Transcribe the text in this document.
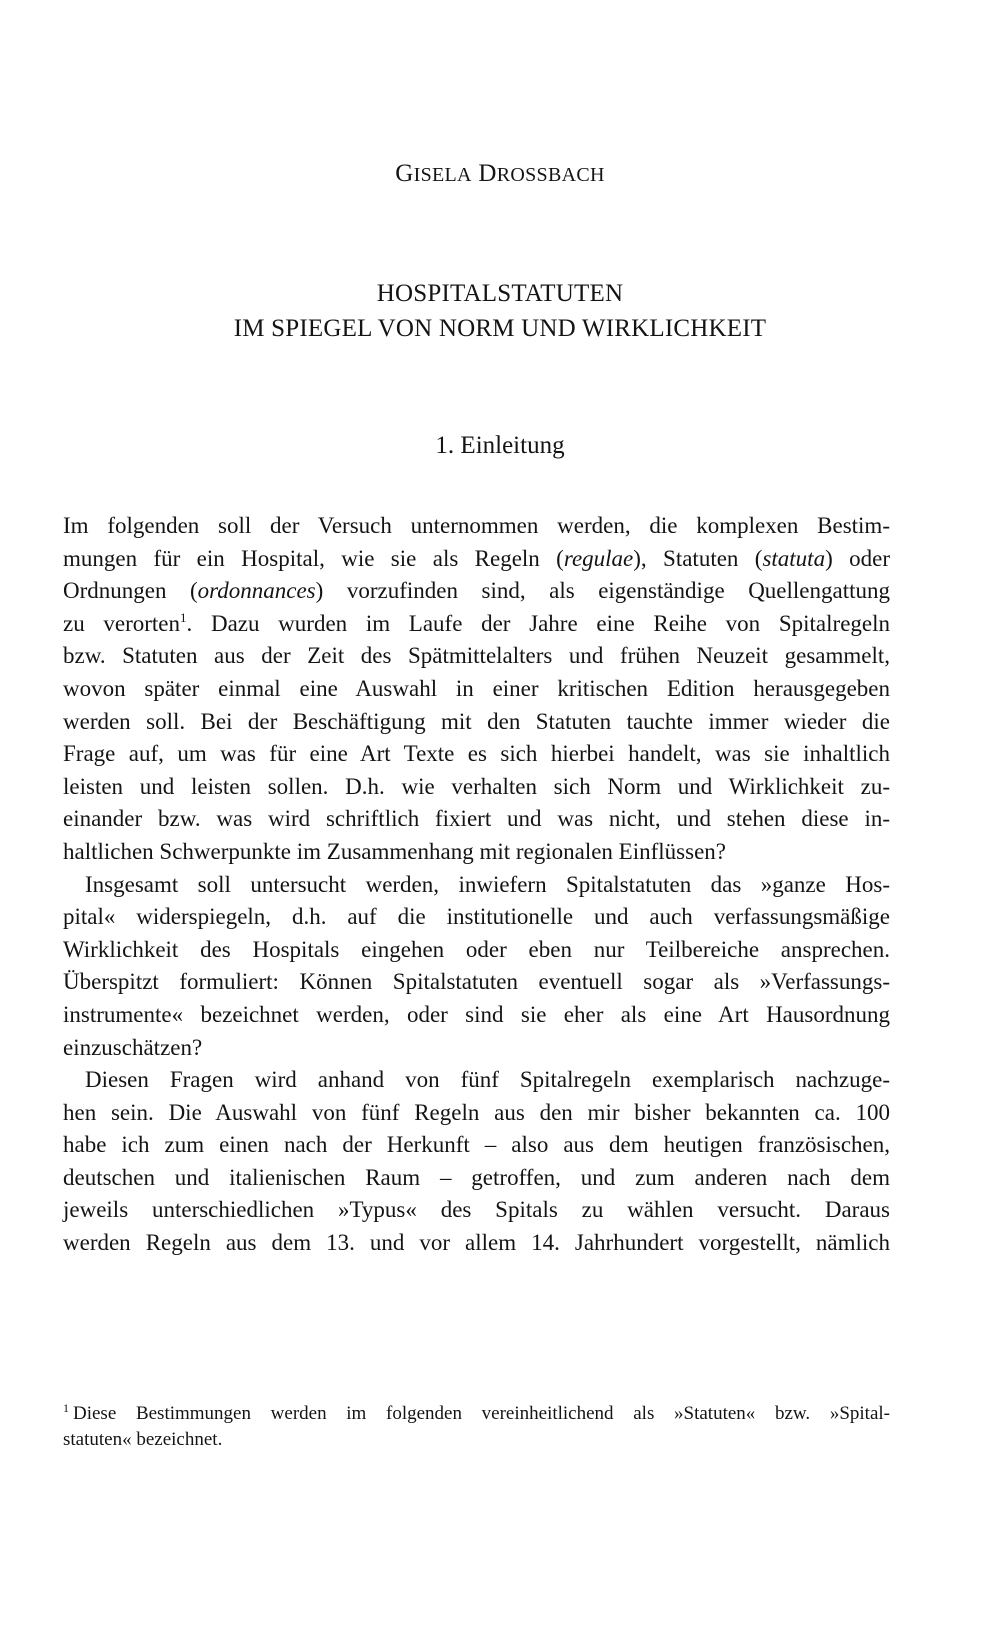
GISELA DROSSBACH
HOSPITALSTATUTEN
IM SPIEGEL VON NORM UND WIRKLICHKEIT
1. Einleitung
Im folgenden soll der Versuch unternommen werden, die komplexen Bestim-
mungen für ein Hospital, wie sie als Regeln (regulae), Statuten (statuta) oder
Ordnungen (ordonnances) vorzufinden sind, als eigenständige Quellengattung
zu verorten$^1$. Dazu wurden im Laufe der Jahre eine Reihe von Spitalregeln
bzw. Statuten aus der Zeit des Spätmittelalters und frühen Neuzeit gesammelt,
wovon später einmal eine Auswahl in einer kritischen Edition herausgegeben
werden soll. Bei der Beschäftigung mit den Statuten tauchte immer wieder die
Frage auf, um was für eine Art Texte es sich hierbei handelt, was sie inhaltlich
leisten und leisten sollen. D.h. wie verhalten sich Norm und Wirklichkeit zu-
einander bzw. was wird schriftlich fixiert und was nicht, und stehen diese in-
haltlichen Schwerpunkte im Zusammenhang mit regionalen Einflüssen?
Insgesamt soll untersucht werden, inwiefern Spitalstatuten das »ganze Hos-
pital« widerspiegeln, d.h. auf die institutionelle und auch verfassungsmäßige
Wirklichkeit des Hospitals eingehen oder eben nur Teilbereiche ansprechen.
Überspitzt formuliert: Können Spitalstatuten eventuell sogar als »Verfassungs-
instrumente« bezeichnet werden, oder sind sie eher als eine Art Hausordnung
einzuschätzen?
Diesen Fragen wird anhand von fünf Spitalregeln exemplarisch nachzuge-
hen sein. Die Auswahl von fünf Regeln aus den mir bisher bekannten ca. 100
habe ich zum einen nach der Herkunft – also aus dem heutigen französischen,
deutschen und italienischen Raum – getroffen, und zum anderen nach dem
jeweils unterschiedlichen »Typus« des Spitals zu wählen versucht. Daraus
werden Regeln aus dem 13. und vor allem 14. Jahrhundert vorgestellt, nämlich
$^1$ Diese Bestimmungen werden im folgenden vereinheitlichend als »Statuten« bzw. »Spital-
statuten« bezeichnet.
